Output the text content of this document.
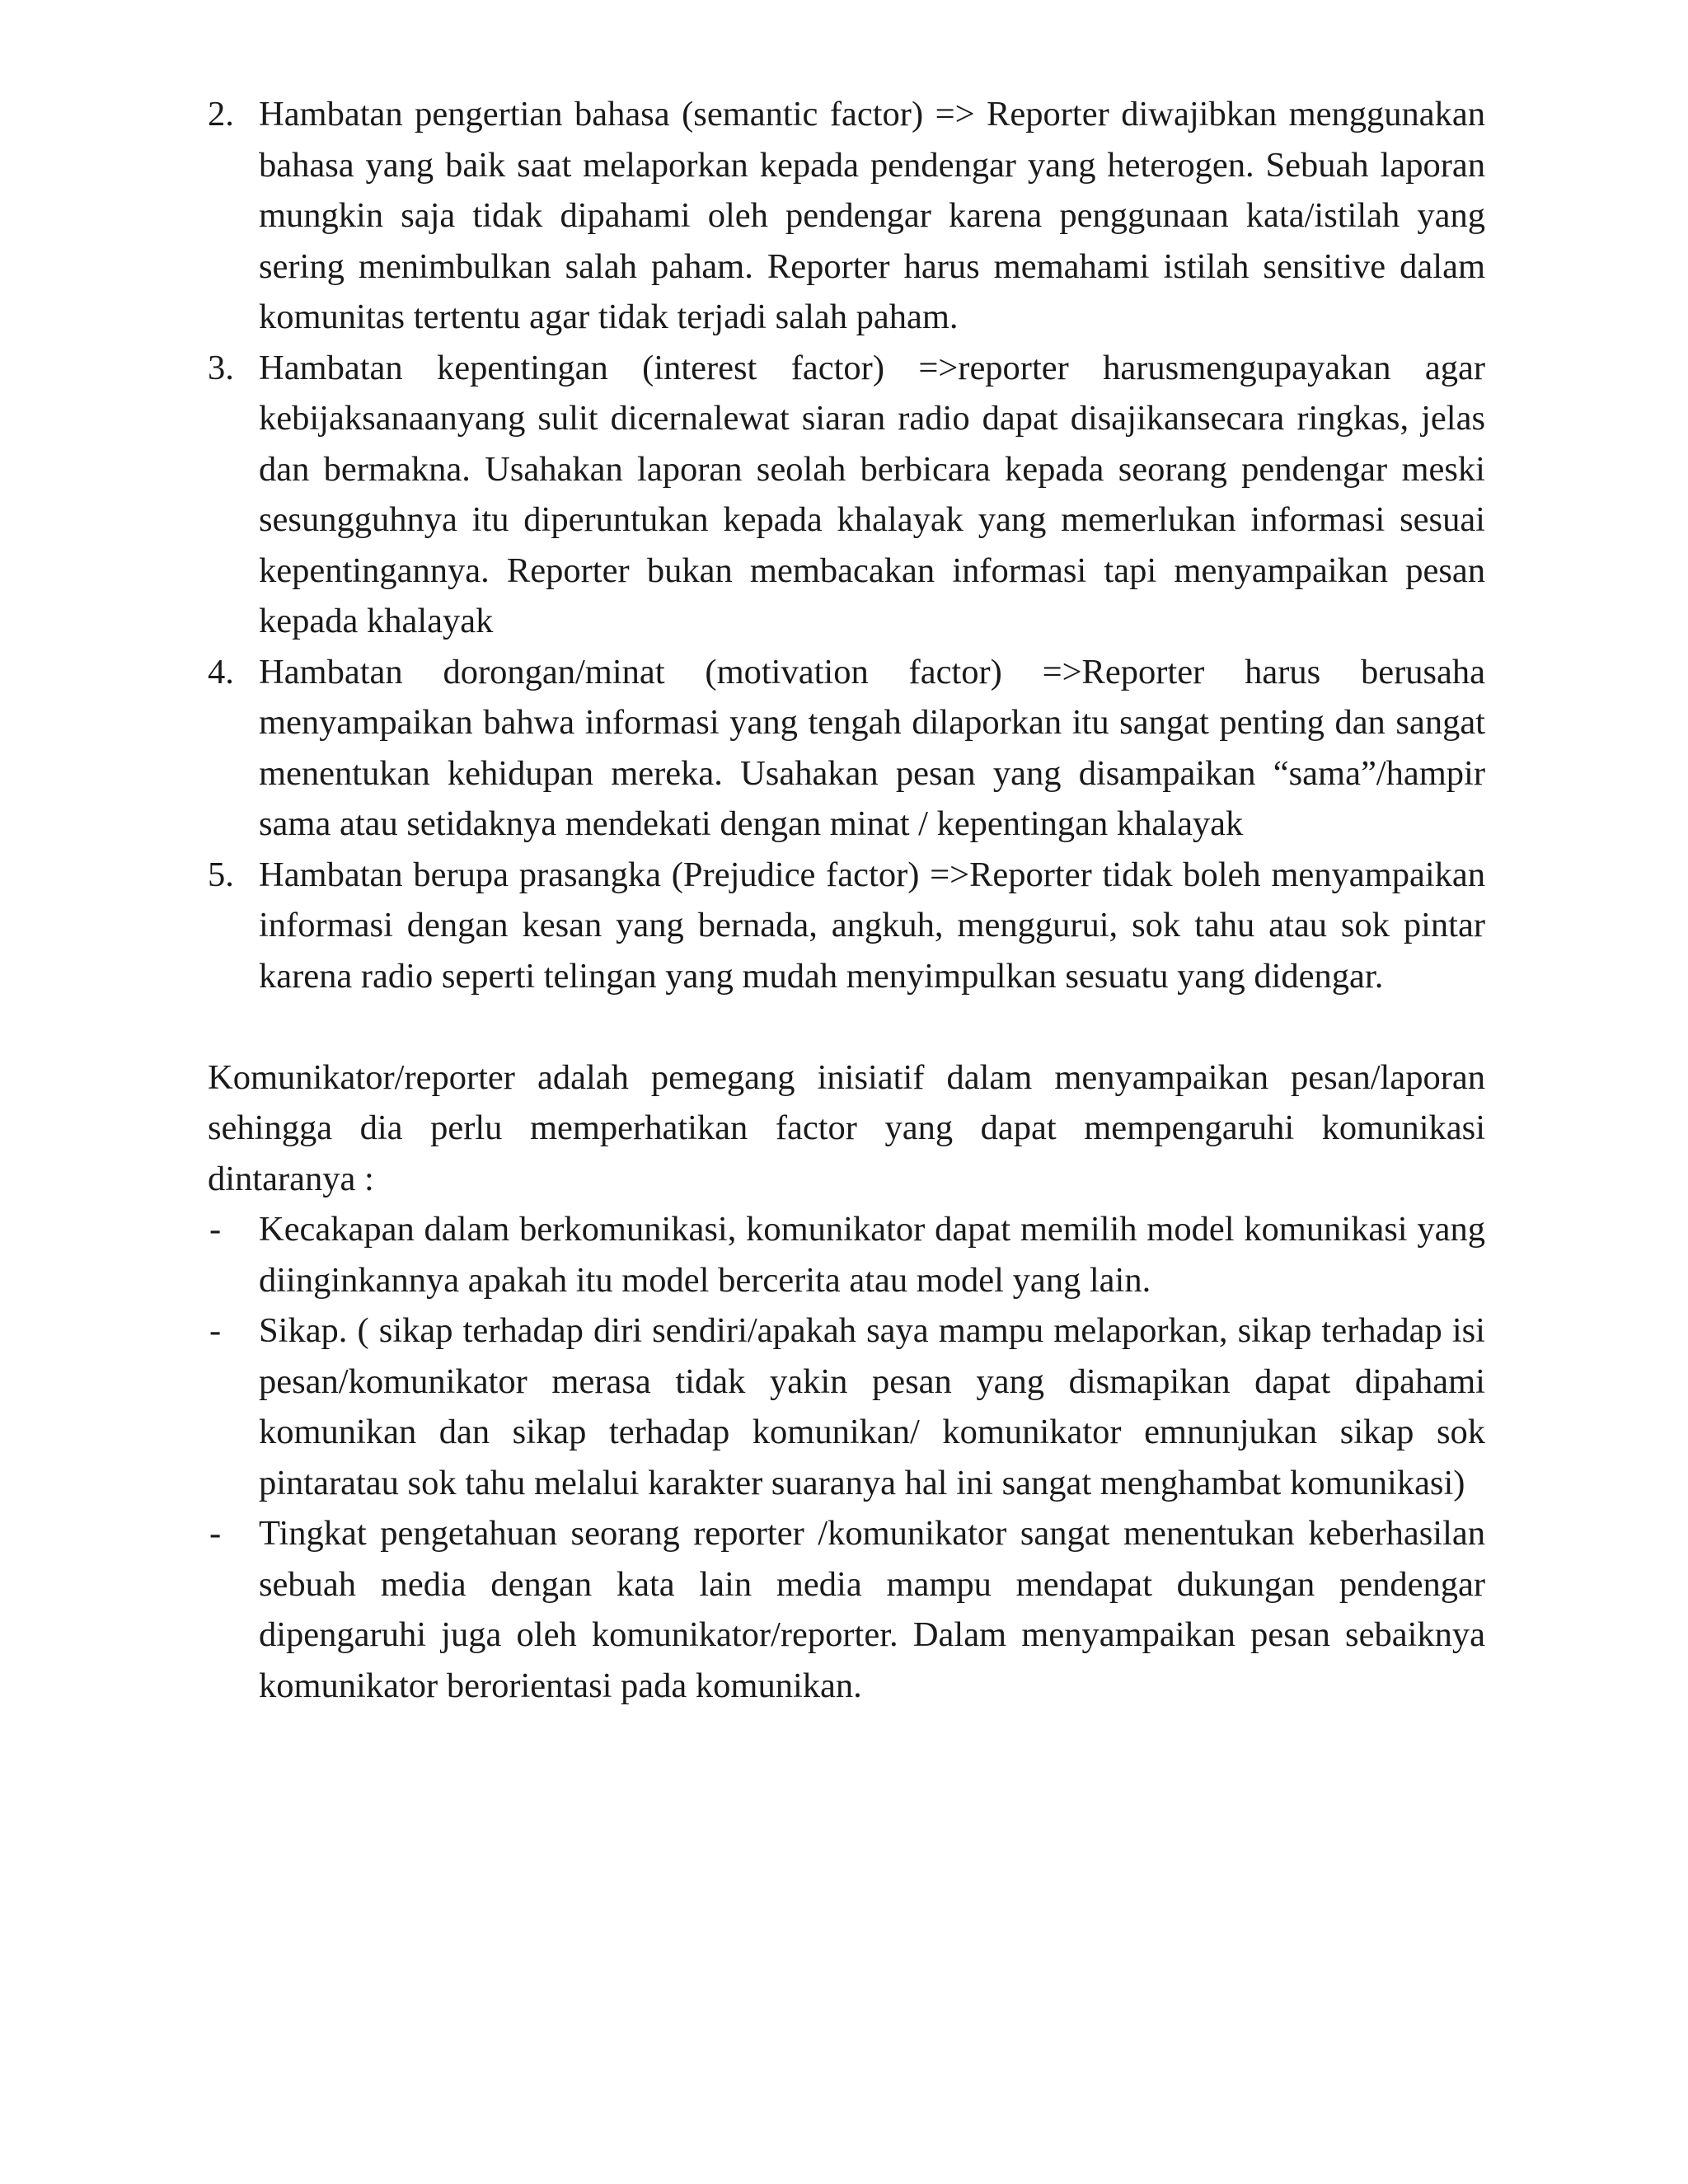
2. Hambatan pengertian bahasa (semantic factor) => Reporter diwajibkan menggunakan bahasa yang baik saat melaporkan kepada pendengar yang heterogen. Sebuah laporan mungkin saja tidak dipahami oleh pendengar karena penggunaan kata/istilah yang sering menimbulkan salah paham. Reporter harus memahami istilah sensitive dalam komunitas tertentu agar tidak terjadi salah paham.
3. Hambatan kepentingan (interest factor) =>reporter harusmengupayakan agar kebijaksanaanyang sulit dicernalewat siaran radio dapat disajikansecara ringkas, jelas dan bermakna. Usahakan laporan seolah berbicara kepada seorang pendengar meski sesungguhnya itu diperuntukan kepada khalayak yang memerlukan informasi sesuai kepentingannya. Reporter bukan membacakan informasi tapi menyampaikan pesan kepada khalayak
4. Hambatan dorongan/minat (motivation factor) =>Reporter harus berusaha menyampaikan bahwa informasi yang tengah dilaporkan itu sangat penting dan sangat menentukan kehidupan mereka. Usahakan pesan yang disampaikan “sama”/hampir sama atau setidaknya mendekati dengan minat / kepentingan khalayak
5. Hambatan berupa prasangka (Prejudice factor) =>Reporter tidak boleh menyampaikan informasi dengan kesan yang bernada, angkuh, menggurui, sok tahu atau sok pintar karena radio seperti telingan yang mudah menyimpulkan sesuatu yang didengar.
Komunikator/reporter adalah pemegang inisiatif dalam menyampaikan pesan/laporan sehingga dia perlu memperhatikan factor yang dapat mempengaruhi komunikasi dintaranya :
-	Kecakapan dalam berkomunikasi, komunikator dapat memilih model komunikasi yang diinginkannya apakah itu model bercerita atau model yang lain.
-	Sikap. ( sikap terhadap diri sendiri/apakah saya mampu melaporkan, sikap terhadap isi pesan/komunikator merasa tidak yakin pesan yang dismapikan dapat dipahami komunikan dan sikap terhadap komunikan/ komunikator emnunjukan sikap sok pintaratau sok tahu melalui karakter suaranya hal ini sangat menghambat komunikasi)
-	Tingkat pengetahuan seorang reporter /komunikator sangat menentukan keberhasilan sebuah media dengan kata lain media mampu mendapat dukungan pendengar dipengaruhi juga oleh komunikator/reporter. Dalam menyampaikan pesan sebaiknya komunikator berorientasi pada komunikan.
